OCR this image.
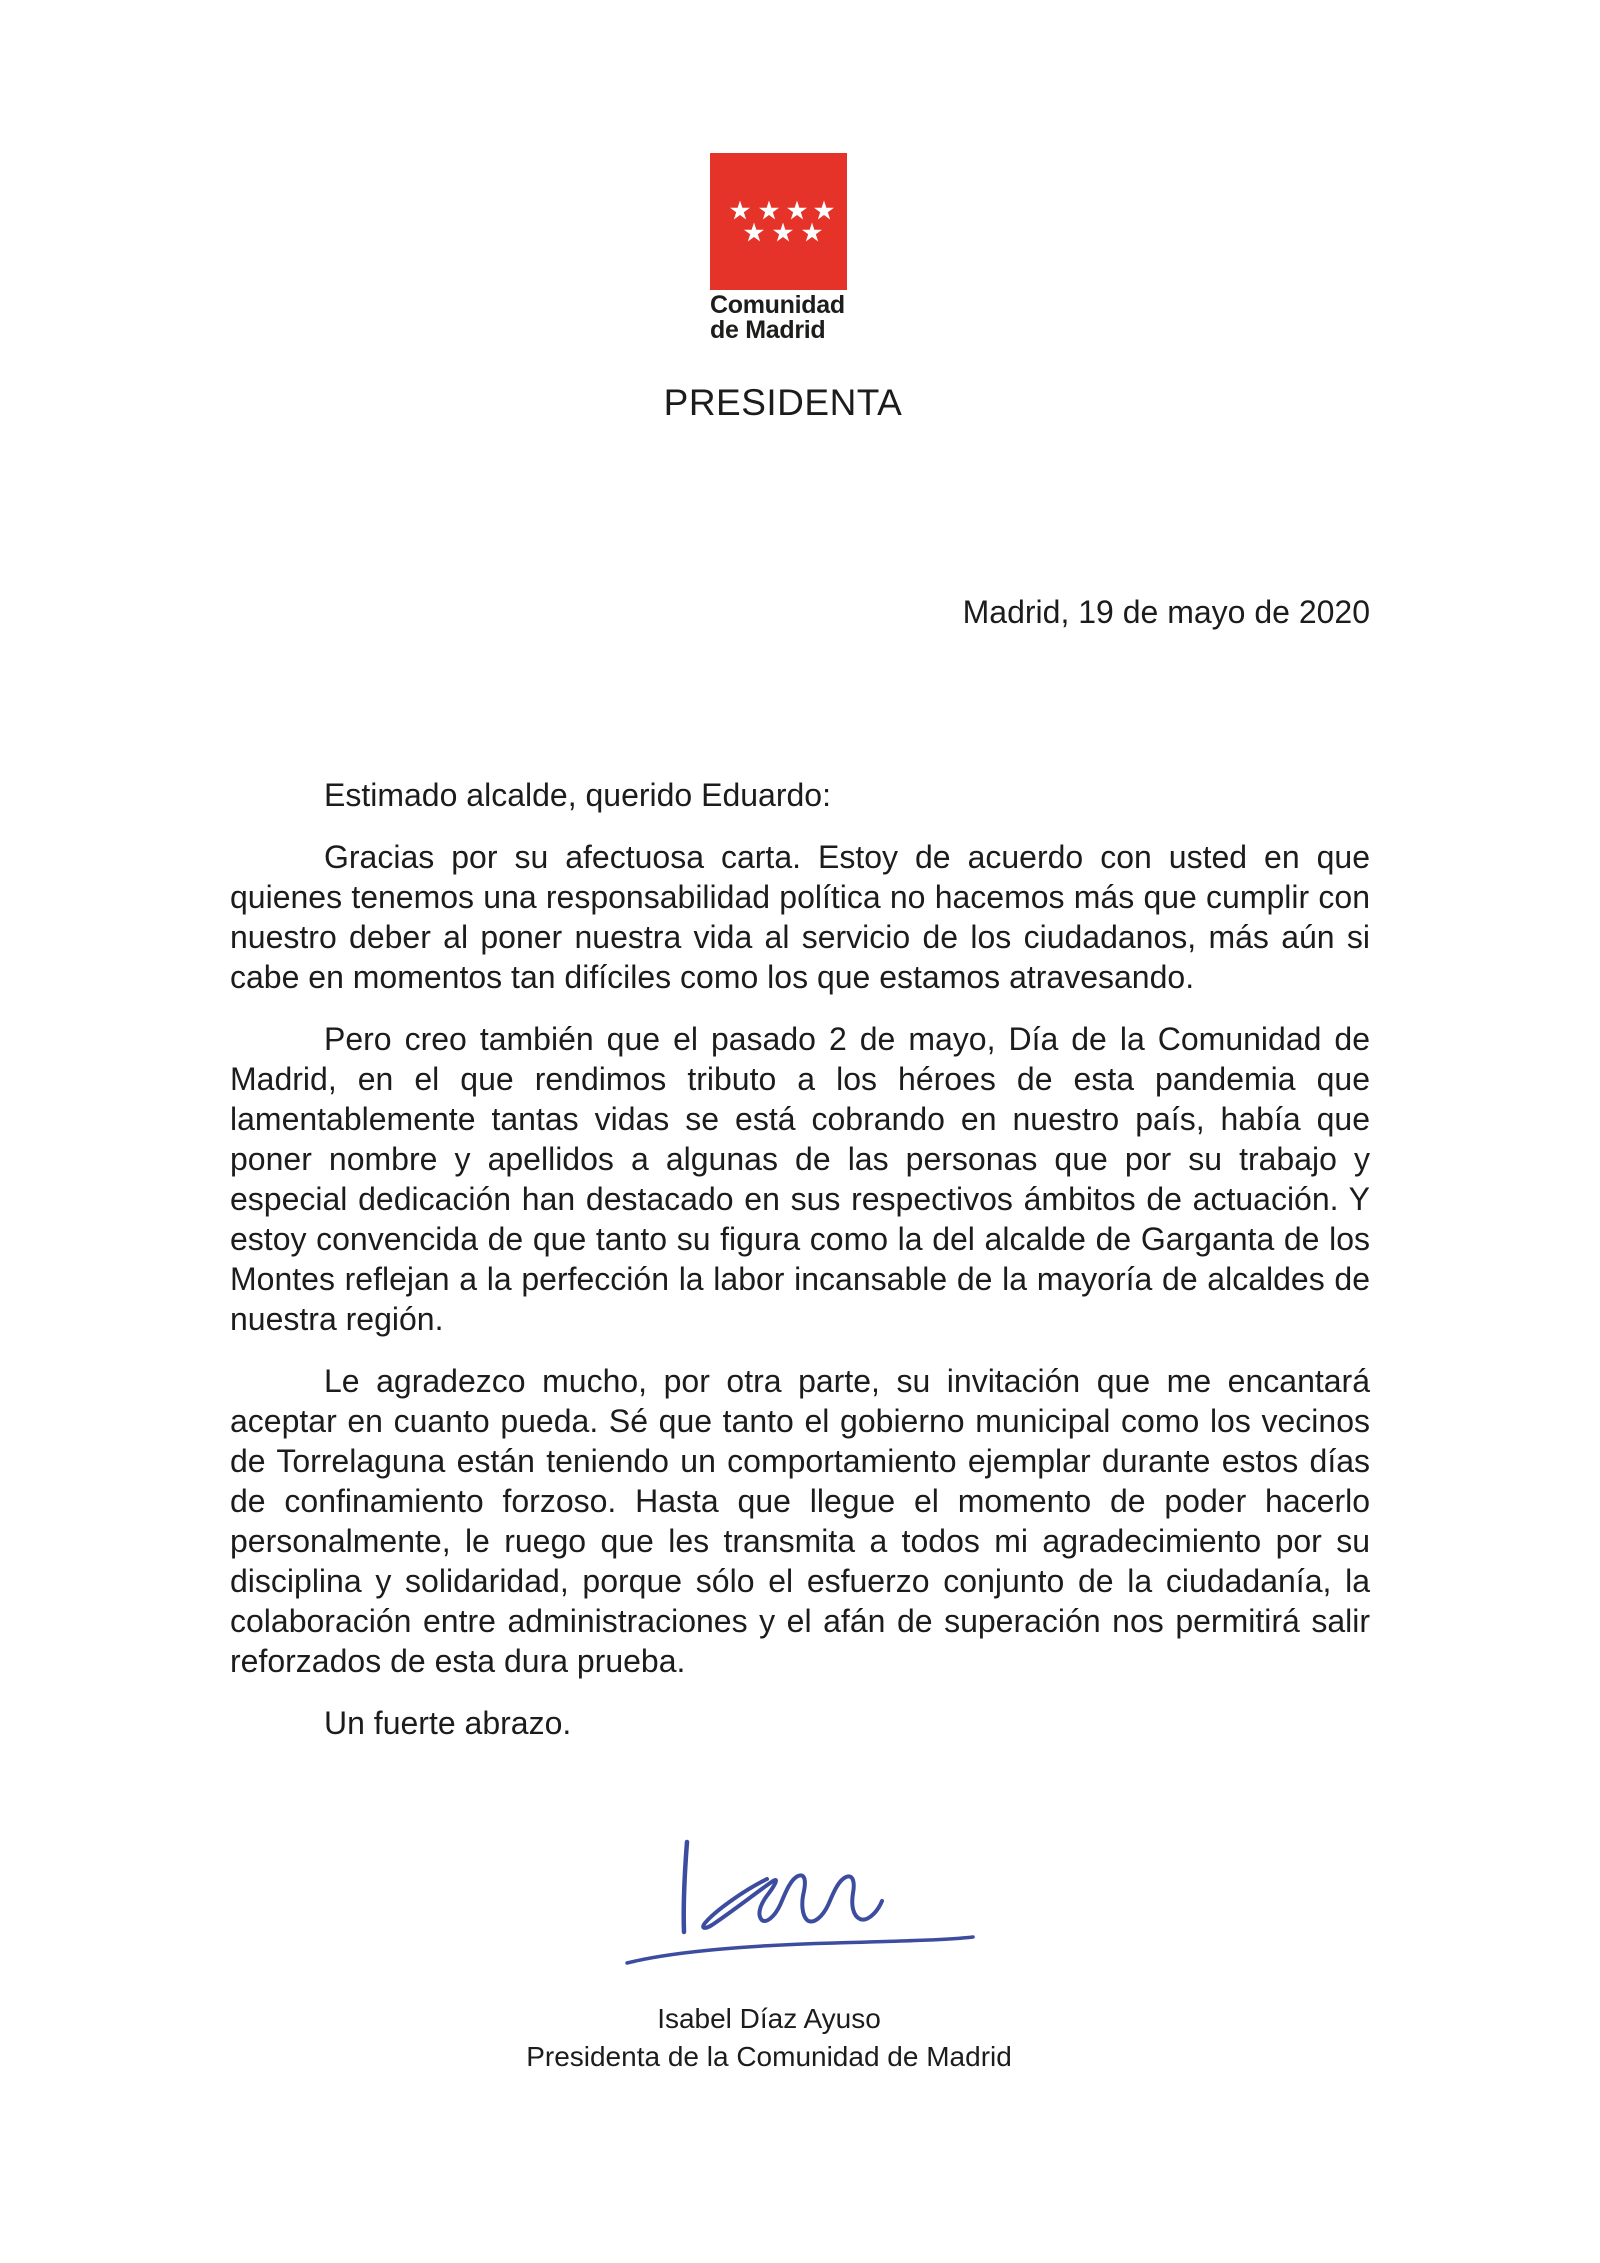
Comunidad
de Madrid
PRESIDENTA
Madrid, 19 de mayo de 2020

Estimado alcalde, querido Eduardo:

Gracias por su afectuosa carta. Estoy de acuerdo con usted en que quienes tenemos una responsabilidad política no hacemos más que cumplir con nuestro deber al poner nuestra vida al servicio de los ciudadanos, más aún si cabe en momentos tan difíciles como los que estamos atravesando.

Pero creo también que el pasado 2 de mayo, Día de la Comunidad de Madrid, en el que rendimos tributo a los héroes de esta pandemia que lamentablemente tantas vidas se está cobrando en nuestro país, había que poner nombre y apellidos a algunas de las personas que por su trabajo y especial dedicación han destacado en sus respectivos ámbitos de actuación. Y estoy convencida de que tanto su figura como la del alcalde de Garganta de los Montes reflejan a la perfección la labor incansable de la mayoría de alcaldes de nuestra región.

Le agradezco mucho, por otra parte, su invitación que me encantará aceptar en cuanto pueda. Sé que tanto el gobierno municipal como los vecinos de Torrelaguna están teniendo un comportamiento ejemplar durante estos días de confinamiento forzoso. Hasta que llegue el momento de poder hacerlo personalmente, le ruego que les transmita a todos mi agradecimiento por su disciplina y solidaridad, porque sólo el esfuerzo conjunto de la ciudadanía, la colaboración entre administraciones y el afán de superación nos permitirá salir reforzados de esta dura prueba.

Un fuerte abrazo.

Isabel Díaz Ayuso
Presidenta de la Comunidad de Madrid
